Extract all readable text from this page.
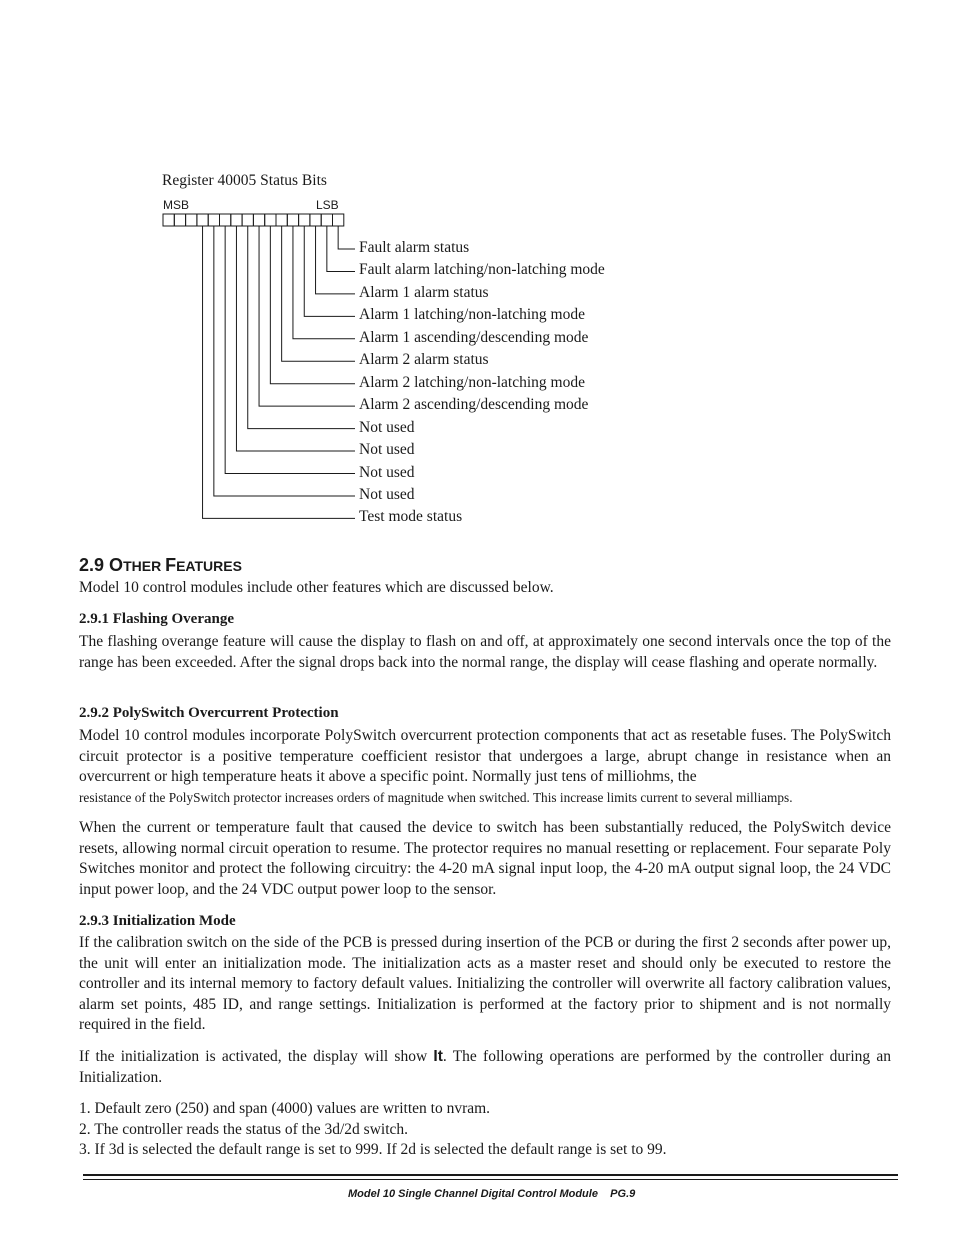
Register 40005 Status Bits
MSB	LSB
Fault alarm status
Fault alarm latching/non-latching mode
Alarm 1 alarm status
Alarm 1 latching/non-latching mode
Alarm 1 ascending/descending mode
Alarm 2 alarm status
Alarm 2 latching/non-latching mode
Alarm 2 ascending/descending mode
Not used
Not used
Not used
Not used
Test mode status
2.9 OTHER FEATURES
Model 10 control modules include other features which are discussed below.
2.9.1 Flashing Overange
The flashing overange feature will cause the display to flash on and off, at approximately one second intervals once the top of the range has been exceeded. After the signal drops back into the normal range, the display will cease flashing and operate normally.
2.9.2 PolySwitch Overcurrent Protection
Model 10 control modules incorporate PolySwitch overcurrent protection components that act as resetable fuses. The PolySwitch circuit protector is a positive temperature coefficient resistor that undergoes a large, abrupt change in resistance when an overcurrent or high temperature heats it above a specific point. Normally just tens of milliohms, the
resistance of the PolySwitch protector increases orders of magnitude when switched. This increase limits current to several milliamps.
When the current or temperature fault that caused the device to switch has been substantially reduced, the PolySwitch device resets, allowing normal circuit operation to resume. The protector requires no manual resetting or replacement. Four separate Poly Switches monitor and protect the following circuitry: the 4-20 mA signal input loop, the 4-20 mA output signal loop, the 24 VDC input power loop, and the 24 VDC output power loop to the sensor.
2.9.3 Initialization Mode
If the calibration switch on the side of the PCB is pressed during insertion of the PCB or during the first 2 seconds after power up, the unit will enter an initialization mode. The initialization acts as a master reset and should only be executed to restore the controller and its internal memory to factory default values. Initializing the controller will overwrite all factory calibration values, alarm set points, 485 ID, and range settings. Initialization is performed at the factory prior to shipment and is not normally required in the field.
If the initialization is activated, the display will show It. The following operations are performed by the controller during an Initialization.
1. Default zero (250) and span (4000) values are written to nvram.
2. The controller reads the status of the 3d/2d switch.
3. If 3d is selected the default range is set to 999. If 2d is selected the default range is set to 99.
Model 10 Single Channel Digital Control Module    PG.9
